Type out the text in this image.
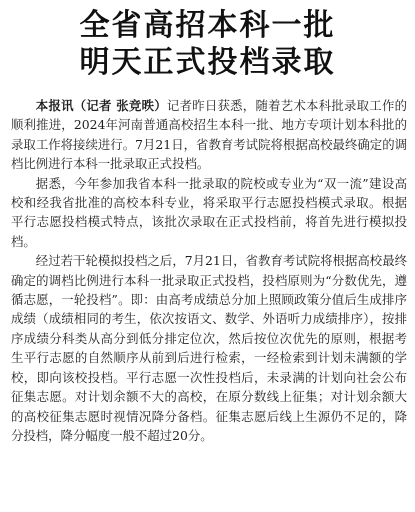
全省高招本科一批
明天正式投档录取

本报讯（记者 张竞昳）记者昨日获悉，随着艺术本科批录取工作的顺利推进，2024年河南普通高校招生本科一批、地方专项计划本科批的录取工作将接续进行。7月21日，省教育考试院将根据高校最终确定的调档比例进行本科一批录取正式投档。

据悉，今年参加我省本科一批录取的院校或专业为“双一流”建设高校和经我省批准的高校本科专业，将采取平行志愿投档模式录取。根据平行志愿投档模式特点，该批次录取在正式投档前，将首先进行模拟投档。

经过若干轮模拟投档之后，7月21日，省教育考试院将根据高校最终确定的调档比例进行本科一批录取正式投档，投档原则为“分数优先，遵循志愿，一轮投档”。即：由高考成绩总分加上照顾政策分值后生成排序成绩（成绩相同的考生，依次按语文、数学、外语听力成绩排序），按排序成绩分科类从高分到低分排定位次，然后按位次优先的原则，根据考生平行志愿的自然顺序从前到后进行检索，一经检索到计划未满额的学校，即向该校投档。平行志愿一次性投档后，未录满的计划向社会公布征集志愿。对计划余额不大的高校，在原分数线上征集；对计划余额大的高校征集志愿时视情况降分备档。征集志愿后线上生源仍不足的，降分投档，降分幅度一般不超过20分。
